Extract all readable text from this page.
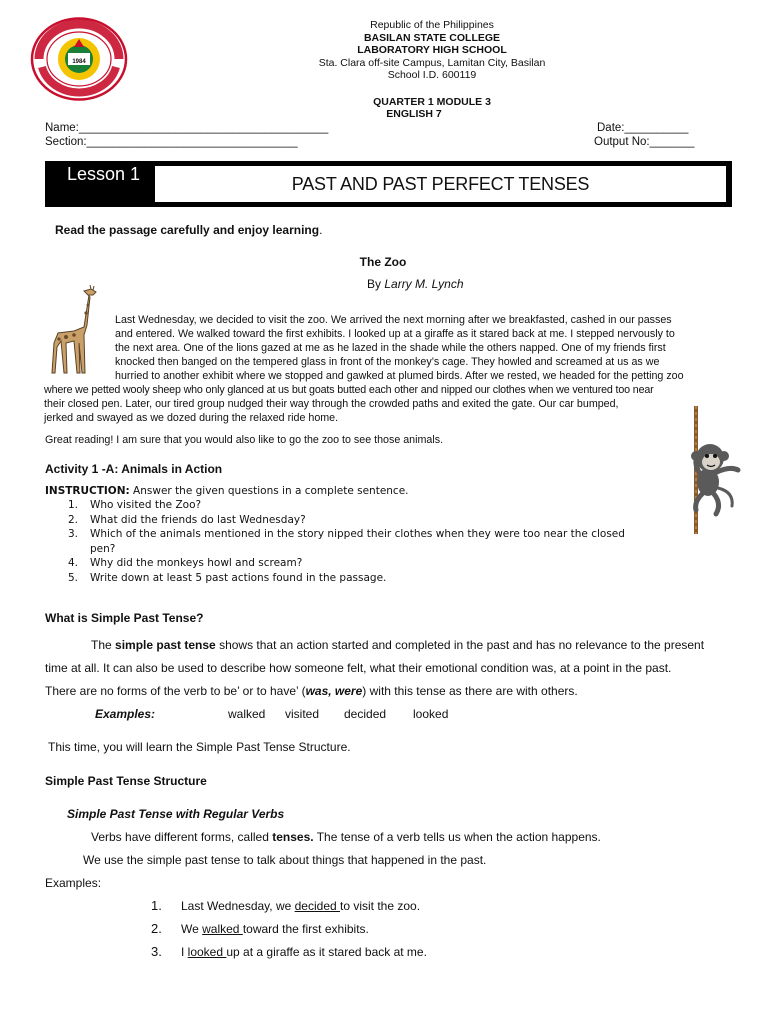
1984
Republic of the Philippines
BASILAN STATE COLLEGE
LABORATORY HIGH SCHOOL
Sta. Clara off-site Campus, Lamitan City, Basilan
School I.D. 600119
QUARTER 1 MODULE 3
ENGLISH 7
Name:_______________________________________
Section:_________________________________
Date:__________
Output No:_______
Lesson 1	PAST AND PAST PERFECT TENSES
Read the passage carefully and enjoy learning.
The Zoo
By Larry M. Lynch
Last Wednesday, we decided to visit the zoo. We arrived the next morning after we breakfasted, cashed in our passes
and entered. We walked toward the first exhibits. I looked up at a giraffe as it stared back at me. I stepped nervously to
the next area. One of the lions gazed at me as he lazed in the shade while the others napped. One of my friends first
knocked then banged on the tempered glass in front of the monkey’s cage. They howled and screamed at us as we
hurried to another exhibit where we stopped and gawked at plumed birds. After we rested, we headed for the petting zoo
where we petted wooly sheep who only glanced at us but goats butted each other and nipped our clothes when we ventured too near
their closed pen. Later, our tired group nudged their way through the crowded paths and exited the gate. Our car bumped,
jerked and swayed as we dozed during the relaxed ride home.
Great reading! I am sure that you would also like to go the zoo to see those animals.
Activity 1 -A: Animals in Action
INSTRUCTION: Answer the given questions in a complete sentence.
1.	Who visited the Zoo?
2.	What did the friends do last Wednesday?
3.	Which of the animals mentioned in the story nipped their clothes when they were too near the closed
pen?
4.	Why did the monkeys howl and scream?
5.	Write down at least 5 past actions found in the passage.
What is Simple Past Tense?
The simple past tense shows that an action started and completed in the past and has no relevance to the present
time at all. It can also be used to describe how someone felt, what their emotional condition was, at a point in the past.
There are no forms of the verb to be’ or to have’ (was, were) with this tense as there are with others.
Examples:	walked visited decided looked
This time, you will learn the Simple Past Tense Structure.
Simple Past Tense Structure
Simple Past Tense with Regular Verbs
Verbs have different forms, called tenses. The tense of a verb tells us when the action happens.
We use the simple past tense to talk about things that happened in the past.
Examples:
1. Last Wednesday, we decided to visit the zoo.
2. We walked toward the first exhibits.
3. I looked up at a giraffe as it stared back at me.
